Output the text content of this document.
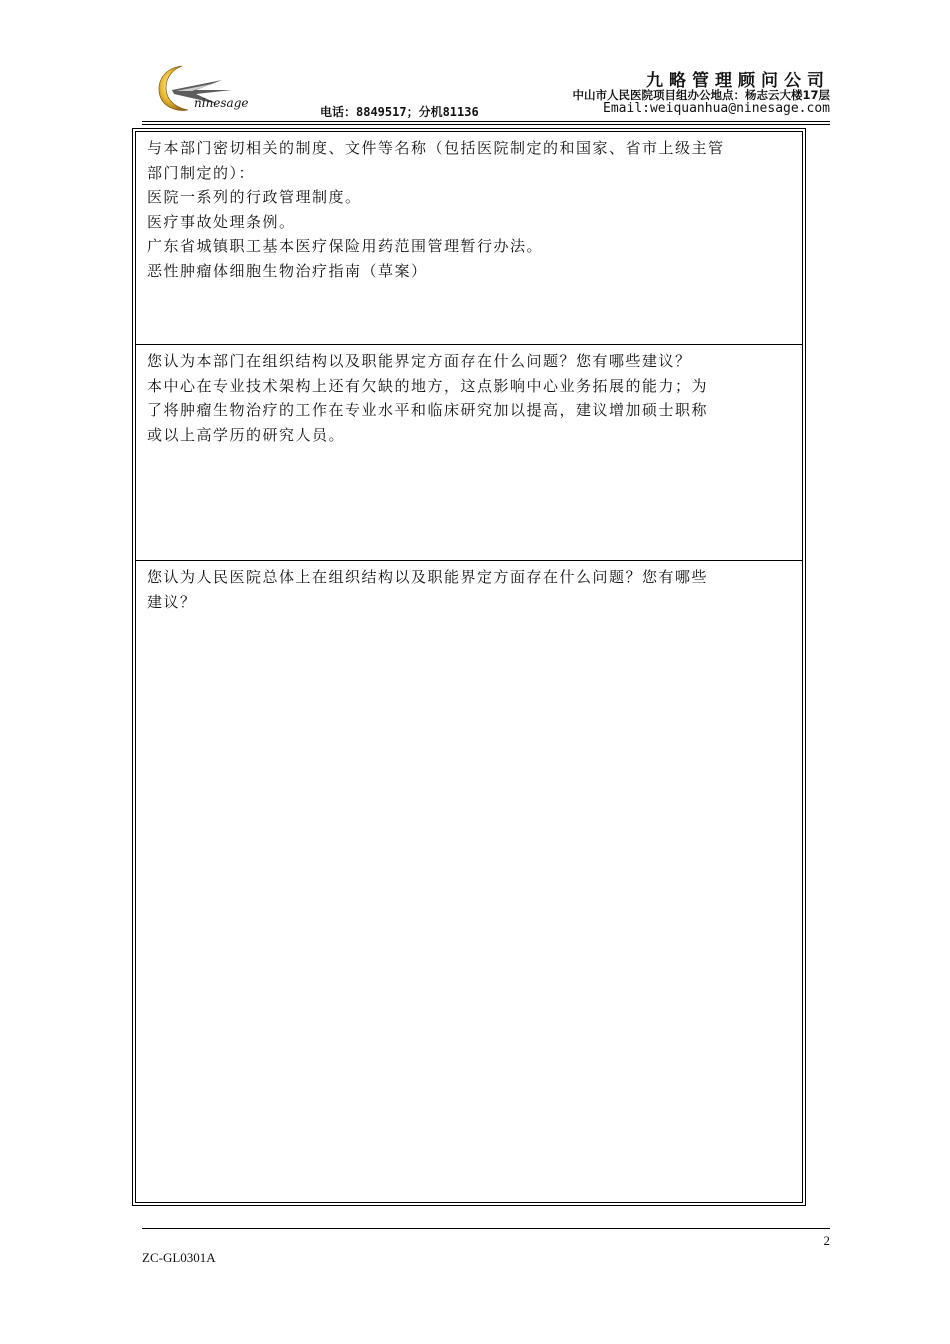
ninesage
九略管理顾问公司
中山市人民医院项目组办公地点：杨志云大楼17层
电话：8849517；分机81136	Email:weiquanhua@ninesage.com

与本部门密切相关的制度、文件等名称（包括医院制定的和国家、省市上级主管

部门制定的）：

医院一系列的行政管理制度。

医疗事故处理条例。

广东省城镇职工基本医疗保险用药范围管理暂行办法。

恶性肿瘤体细胞生物治疗指南（草案）

您认为本部门在组织结构以及职能界定方面存在什么问题？您有哪些建议？

本中心在专业技术架构上还有欠缺的地方，这点影响中心业务拓展的能力；为

了将肿瘤生物治疗的工作在专业水平和临床研究加以提高，建议增加硕士职称

或以上高学历的研究人员。

您认为人民医院总体上在组织结构以及职能界定方面存在什么问题？您有哪些

建议？

2
ZC-GL0301A
